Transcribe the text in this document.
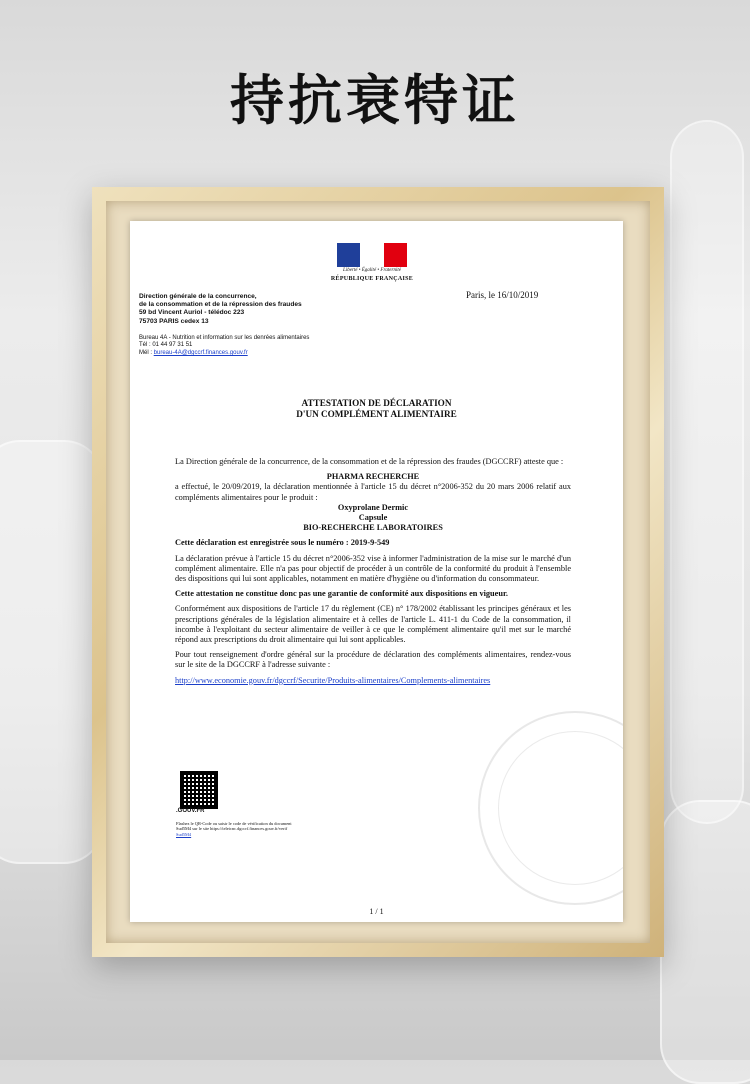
持抗衰特证
Liberté • Égalité • Fraternité
RÉPUBLIQUE FRANÇAISE
Paris, le 16/10/2019
Direction générale de la concurrence,
de la consommation et de la répression des fraudes
59 bd Vincent Auriol - télédoc 223
75703 PARIS cedex 13
Bureau 4A - Nutrition et information sur les denrées alimentaires
Tél : 01 44 97 31 51
Mél : bureau-4A@dgccrf.finances.gouv.fr
ATTESTATION DE DÉCLARATION
D'UN COMPLÉMENT ALIMENTAIRE

La Direction générale de la concurrence, de la consommation et de la répression des fraudes (DGCCRF) atteste que :

PHARMA RECHERCHE

a effectué, le 20/09/2019, la déclaration mentionnée à l'article 15 du décret n°2006-352 du 20 mars 2006 relatif aux compléments alimentaires pour le produit :

Oxyprolane Dermic

Capsule

BIO-RECHERCHE LABORATOIRES

Cette déclaration est enregistrée sous le numéro : 2019-9-549

La déclaration prévue à l'article 15 du décret n°2006-352 vise à informer l'administration de la mise sur le marché d'un complément alimentaire. Elle n'a pas pour objectif de procéder à un contrôle de la conformité du produit à l'ensemble des dispositions qui lui sont applicables, notamment en matière d'hygiène ou d'information du consommateur.

Cette attestation ne constitue donc pas une garantie de conformité aux dispositions en vigueur.

Conformément aux dispositions de l'article 17 du règlement (CE) n° 178/2002 établissant les principes généraux et les prescriptions générales de la législation alimentaire et à celles de l'article L. 411-1 du Code de la consommation, il incombe à l'exploitant du secteur alimentaire de veiller à ce que le complément alimentaire qu'il met sur le marché répond aux prescriptions du droit alimentaire qui lui sont applicables.

Pour tout renseignement d'ordre général sur la procédure de déclaration des compléments alimentaires, rendez-vous sur le site de la DGCCRF à l'adresse suivante :

http://www.economie.gouv.fr/dgccrf/Securite/Produits-alimentaires/Complements-alimentaires

.GOUV.FR
Flashez le QR-Code ou saisir le code de vérification du document
Sud5M4 sur le site https://teleicnc.dgccrf.finances.gouv.fr/verif
Sud5M4
1 / 1
